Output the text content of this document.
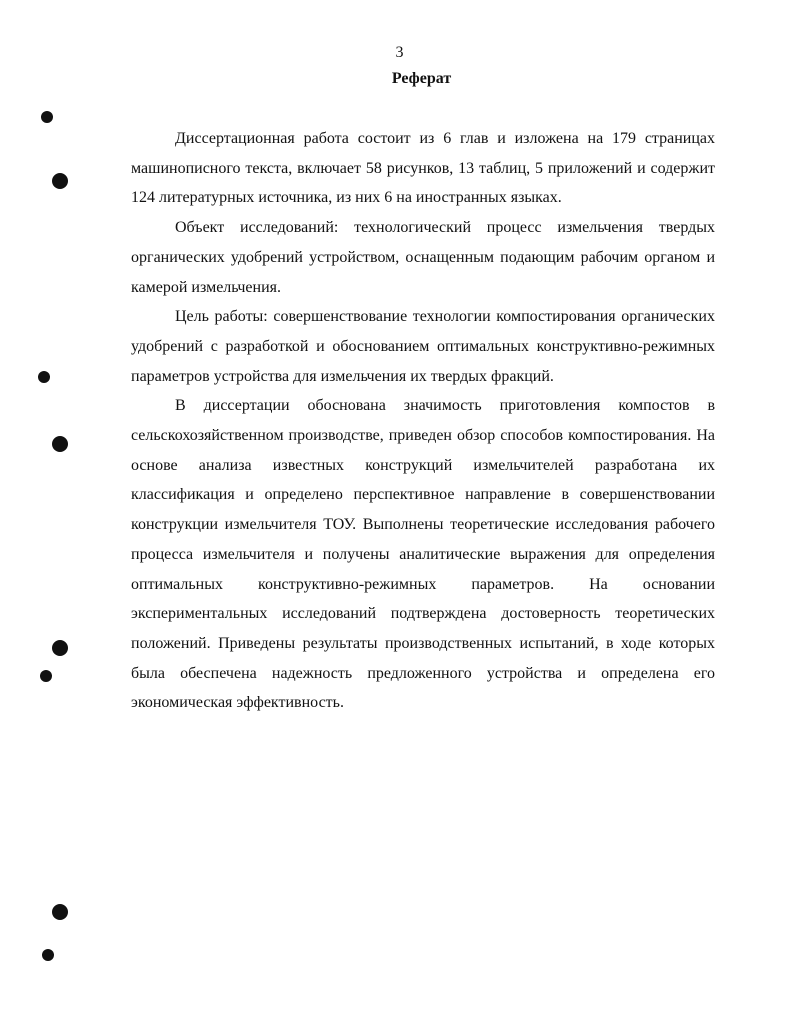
3
Реферат

Диссертационная работа состоит из 6 глав и изложена на 179 страницах машинописного текста, включает 58 рисунков, 13 таблиц, 5 приложений и содержит 124 литературных источника, из них 6 на иностранных языках.

Объект исследований: технологический процесс измельчения твердых органических удобрений устройством, оснащенным подающим рабочим органом и камерой измельчения.

Цель работы: совершенствование технологии компостирования органических удобрений с разработкой и обоснованием оптимальных конструктивно-режимных параметров устройства для измельчения их твердых фракций.

В диссертации обоснована значимость приготовления компостов в сельскохозяйственном производстве, приведен обзор способов компостирования. На основе анализа известных конструкций измельчителей разработана их классификация и определено перспективное направление в совершенствовании конструкции измельчителя ТОУ. Выполнены теоретические исследования рабочего процесса измельчителя и получены аналитические выражения для определения оптимальных конструктивно-режимных параметров. На основании экспериментальных исследований подтверждена достоверность теоретических положений. Приведены результаты производственных испытаний, в ходе которых была обеспечена надежность предложенного устройства и определена его экономическая эффективность.
